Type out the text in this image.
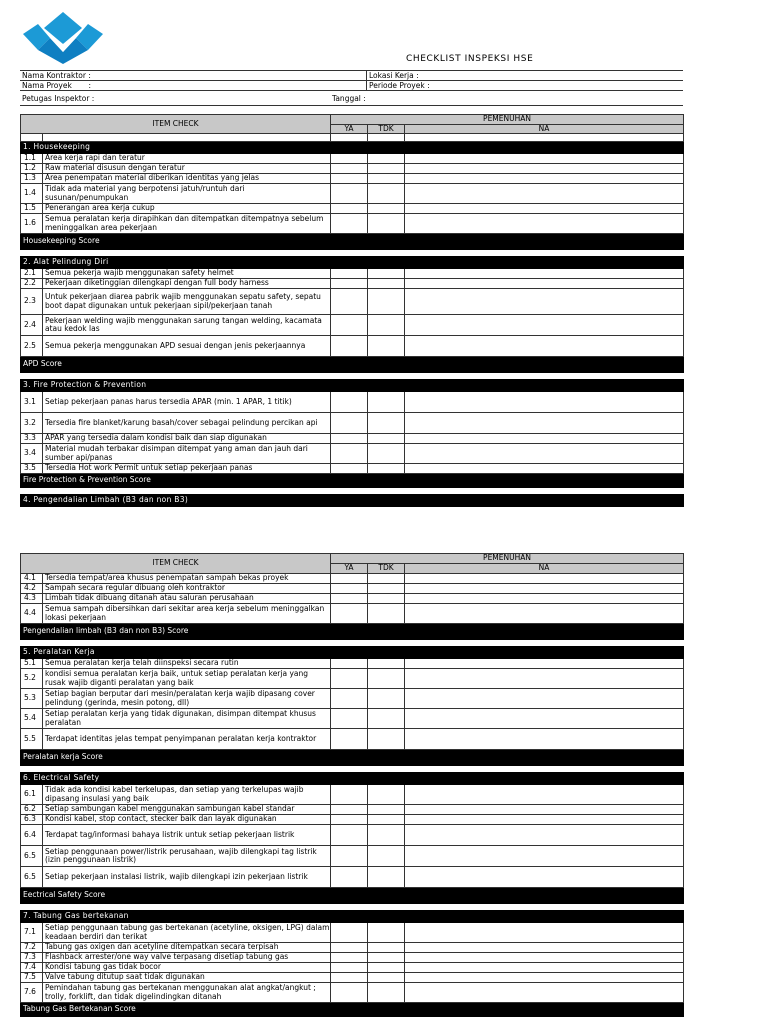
CHECKLIST INSPEKSI HSE
Nama Kontraktor :	Lokasi Kerja :
Nama Proyek       :	Periode Proyek :
Petugas Inspektor :	Tanggal :
ITEM CHECK		PEMENUHAN		
		YA	TDK	NA

1. Housekeeping				
1.1	Area kerja rapi dan teratur			
1.2	Raw material disusun dengan teratur			
1.3	Area penempatan material diberikan identitas yang jelas			
1.4	Tidak ada material yang berpotensi jatuh/runtuh dari susunan/penumpukan			
1.5	Penerangan area kerja cukup			
1.6	Semua peralatan kerja dirapihkan dan ditempatkan ditempatnya sebelum meninggalkan area pekerjaan			
Housekeeping Score				

2. Alat Pelindung Diri				
2.1	Semua pekerja wajib menggunakan safety helmet			
2.2	Pekerjaan diketinggian dilengkapi dengan full body harness			
2.3	Untuk pekerjaan diarea pabrik wajib menggunakan sepatu safety, sepatu boot dapat digunakan untuk pekerjaan sipil/pekerjaan tanah			
2.4	Pekerjaan welding wajib menggunakan sarung tangan welding, kacamata atau kedok las			
2.5	Semua pekerja menggunakan APD sesuai dengan jenis pekerjaannya			
APD Score				

3. Fire Protection & Prevention				
3.1	Setiap pekerjaan panas harus tersedia APAR (min. 1 APAR, 1 titik)			
3.2	Tersedia fire blanket/karung basah/cover sebagai pelindung percikan api			
3.3	APAR yang tersedia dalam kondisi baik dan siap digunakan			
3.4	Material mudah terbakar disimpan ditempat yang aman dan jauh dari sumber api/panas			
3.5	Tersedia Hot work Permit untuk setiap pekerjaan panas			
Fire Protection & Prevention Score				

4. Pengendalian Limbah (B3 dan non B3)				
ITEM CHECK		PEMENUHAN		
		YA	TDK	NA
4.1	Tersedia tempat/area khusus penempatan sampah bekas proyek			
4.2	Sampah secara regular dibuang oleh kontraktor			
4.3	Limbah tidak dibuang ditanah atau saluran perusahaan			
4.4	Semua sampah dibersihkan dari sekitar area kerja sebelum meninggalkan lokasi pekerjaan			
Pengendalian limbah (B3 dan non B3) Score				

5. Peralatan Kerja				
5.1	Semua peralatan kerja telah diinspeksi secara rutin			
5.2	kondisi semua peralatan kerja baik, untuk setiap peralatan kerja yang rusak wajib diganti peralatan yang baik			
5.3	Setiap bagian berputar dari mesin/peralatan kerja wajib dipasang cover pelindung (gerinda, mesin potong, dll)			
5.4	Setiap peralatan kerja yang tidak digunakan, disimpan ditempat khusus peralatan			
5.5	Terdapat identitas jelas tempat penyimpanan peralatan kerja kontraktor			
Peralatan kerja Score				

6. Electrical Safety				
6.1	Tidak ada kondisi kabel terkelupas, dan setiap yang terkelupas wajib dipasang insulasi yang baik			
6.2	Setiap sambungan kabel menggunakan sambungan kabel standar			
6.3	Kondisi kabel, stop contact, stecker baik dan layak digunakan			
6.4	Terdapat tag/informasi bahaya listrik untuk setiap pekerjaan listrik			
6.5	Setiap penggunaan power/listrik perusahaan, wajib dilengkapi tag listrik (izin penggunaan listrik)			
6.5	Setiap pekerjaan instalasi listrik, wajib dilengkapi izin pekerjaan listrik			
Eectrical Safety Score				

7. Tabung Gas bertekanan				
7.1	Setiap penggunaan tabung gas bertekanan (acetyline, oksigen, LPG) dalam keadaan berdiri dan terikat			
7.2	Tabung gas oxigen dan acetyline ditempatkan secara terpisah			
7.3	Flashback arrester/one way valve terpasang disetiap tabung gas			
7.4	Kondisi tabung gas tidak bocor			
7.5	Valve tabung ditutup saat tidak digunakan			
7.6	Pemindahan tabung gas bertekanan menggunakan alat angkat/angkut ; trolly, forklift, dan tidak digelindingkan ditanah			
Tabung Gas Bertekanan Score				
